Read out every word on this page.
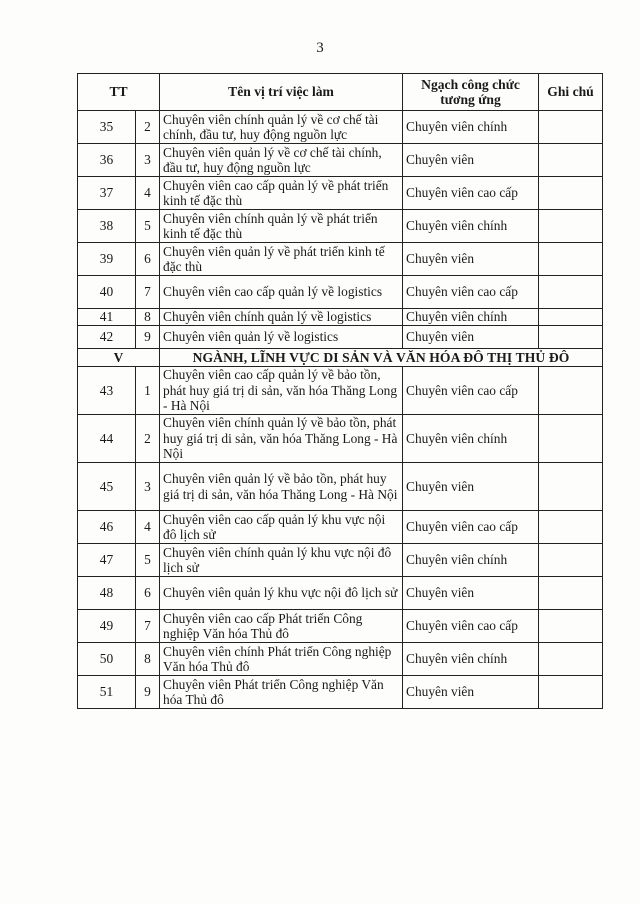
3
TT		Tên vị trí việc làm	Ngạch công chức tương ứng	Ghi chú
35	2	Chuyên viên chính quản lý về cơ chế tài chính, đầu tư, huy động nguồn lực	Chuyên viên chính	
36	3	Chuyên viên quản lý về cơ chế tài chính, đầu tư, huy động nguồn lực	Chuyên viên	
37	4	Chuyên viên cao cấp quản lý về phát triển kinh tế đặc thù	Chuyên viên cao cấp	
38	5	Chuyên viên chính quản lý về phát triển kinh tế đặc thù	Chuyên viên chính	
39	6	Chuyên viên quản lý về phát triển kinh tế đặc thù	Chuyên viên	
40	7	Chuyên viên cao cấp quản lý về logistics	Chuyên viên cao cấp	
41	8	Chuyên viên chính quản lý về logistics	Chuyên viên chính	
42	9	Chuyên viên quản lý về logistics	Chuyên viên	
V		NGÀNH, LĨNH VỰC DI SẢN VÀ VĂN HÓA ĐÔ THỊ THỦ ĐÔ		
43	1	Chuyên viên cao cấp quản lý về bảo tồn, phát huy giá trị di sản, văn hóa Thăng Long - Hà Nội	Chuyên viên cao cấp	
44	2	Chuyên viên chính quản lý về bảo tồn, phát huy giá trị di sản, văn hóa Thăng Long - Hà Nội	Chuyên viên chính	
45	3	Chuyên viên quản lý về bảo tồn, phát huy giá trị di sản, văn hóa Thăng Long - Hà Nội	Chuyên viên	
46	4	Chuyên viên cao cấp quản lý khu vực nội đô lịch sử	Chuyên viên cao cấp	
47	5	Chuyên viên chính quản lý khu vực nội đô lịch sử	Chuyên viên chính	
48	6	Chuyên viên quản lý khu vực nội đô lịch sử	Chuyên viên	
49	7	Chuyên viên cao cấp Phát triển Công nghiệp Văn hóa Thủ đô	Chuyên viên cao cấp	
50	8	Chuyên viên chính Phát triển Công nghiệp Văn hóa Thủ đô	Chuyên viên chính	
51	9	Chuyên viên Phát triển Công nghiệp Văn hóa Thủ đô	Chuyên viên	
